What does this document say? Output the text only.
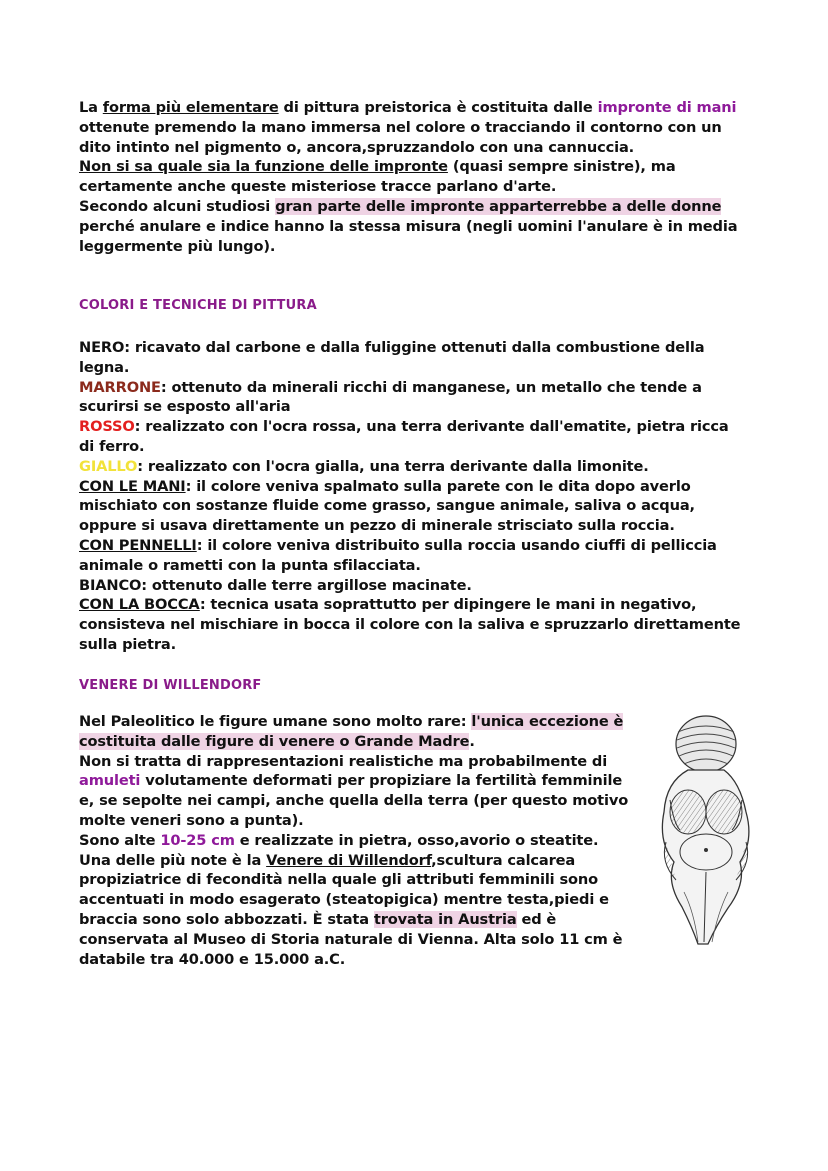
La forma più elementare di pittura preistorica è costituita dalle impronte di mani ottenute premendo la mano immersa nel colore o tracciando il contorno con un dito intinto nel pigmento o, ancora,spruzzandolo con una cannuccia.
Non si sa quale sia la funzione delle impronte (quasi sempre sinistre), ma certamente anche queste misteriose tracce parlano d'arte.
Secondo alcuni studiosi gran parte delle impronte apparterrebbe a delle donne perché anulare e indice hanno la stessa misura (negli uomini l'anulare è in media leggermente più lungo).

COLORI E TECNICHE DI PITTURA

NERO: ricavato dal carbone e dalla fuliggine ottenuti dalla combustione della legna.
MARRONE: ottenuto da minerali ricchi di manganese, un metallo che tende a scurirsi se esposto all'aria
ROSSO: realizzato con l'ocra rossa, una terra derivante dall'ematite, pietra ricca di ferro.
GIALLO: realizzato con l'ocra gialla, una terra derivante dalla limonite.
CON LE MANI: il colore veniva spalmato sulla parete con le dita dopo averlo mischiato con sostanze fluide come grasso, sangue animale, saliva o acqua, oppure si usava direttamente un pezzo di minerale strisciato sulla roccia.
CON PENNELLI: il colore veniva distribuito sulla roccia usando ciuffi di pelliccia animale o rametti con la punta sfilacciata.
BIANCO: ottenuto dalle terre argillose macinate.
CON LA BOCCA: tecnica usata soprattutto per dipingere le mani in negativo, consisteva nel mischiare in bocca il colore con la saliva e spruzzarlo direttamente sulla pietra.

VENERE DI WILLENDORF

Nel Paleolitico le figure umane sono molto rare: l'unica eccezione è costituita dalle figure di venere o Grande Madre.
Non si tratta di rappresentazioni realistiche ma probabilmente di amuleti volutamente deformati per propiziare la fertilità femminile e, se sepolte nei campi, anche quella della terra (per questo motivo molte veneri sono a punta).
Sono alte 10-25 cm e realizzate in pietra, osso,avorio o steatite.
Una delle più note è la Venere di Willendorf,scultura calcarea propiziatrice di fecondità nella quale gli attributi femminili sono accentuati in modo esagerato (steatopigica) mentre testa,piedi e braccia sono solo abbozzati. È stata trovata in Austria ed è conservata al Museo di Storia naturale di Vienna. Alta solo 11 cm è databile tra 40.000 e 15.000 a.C.
